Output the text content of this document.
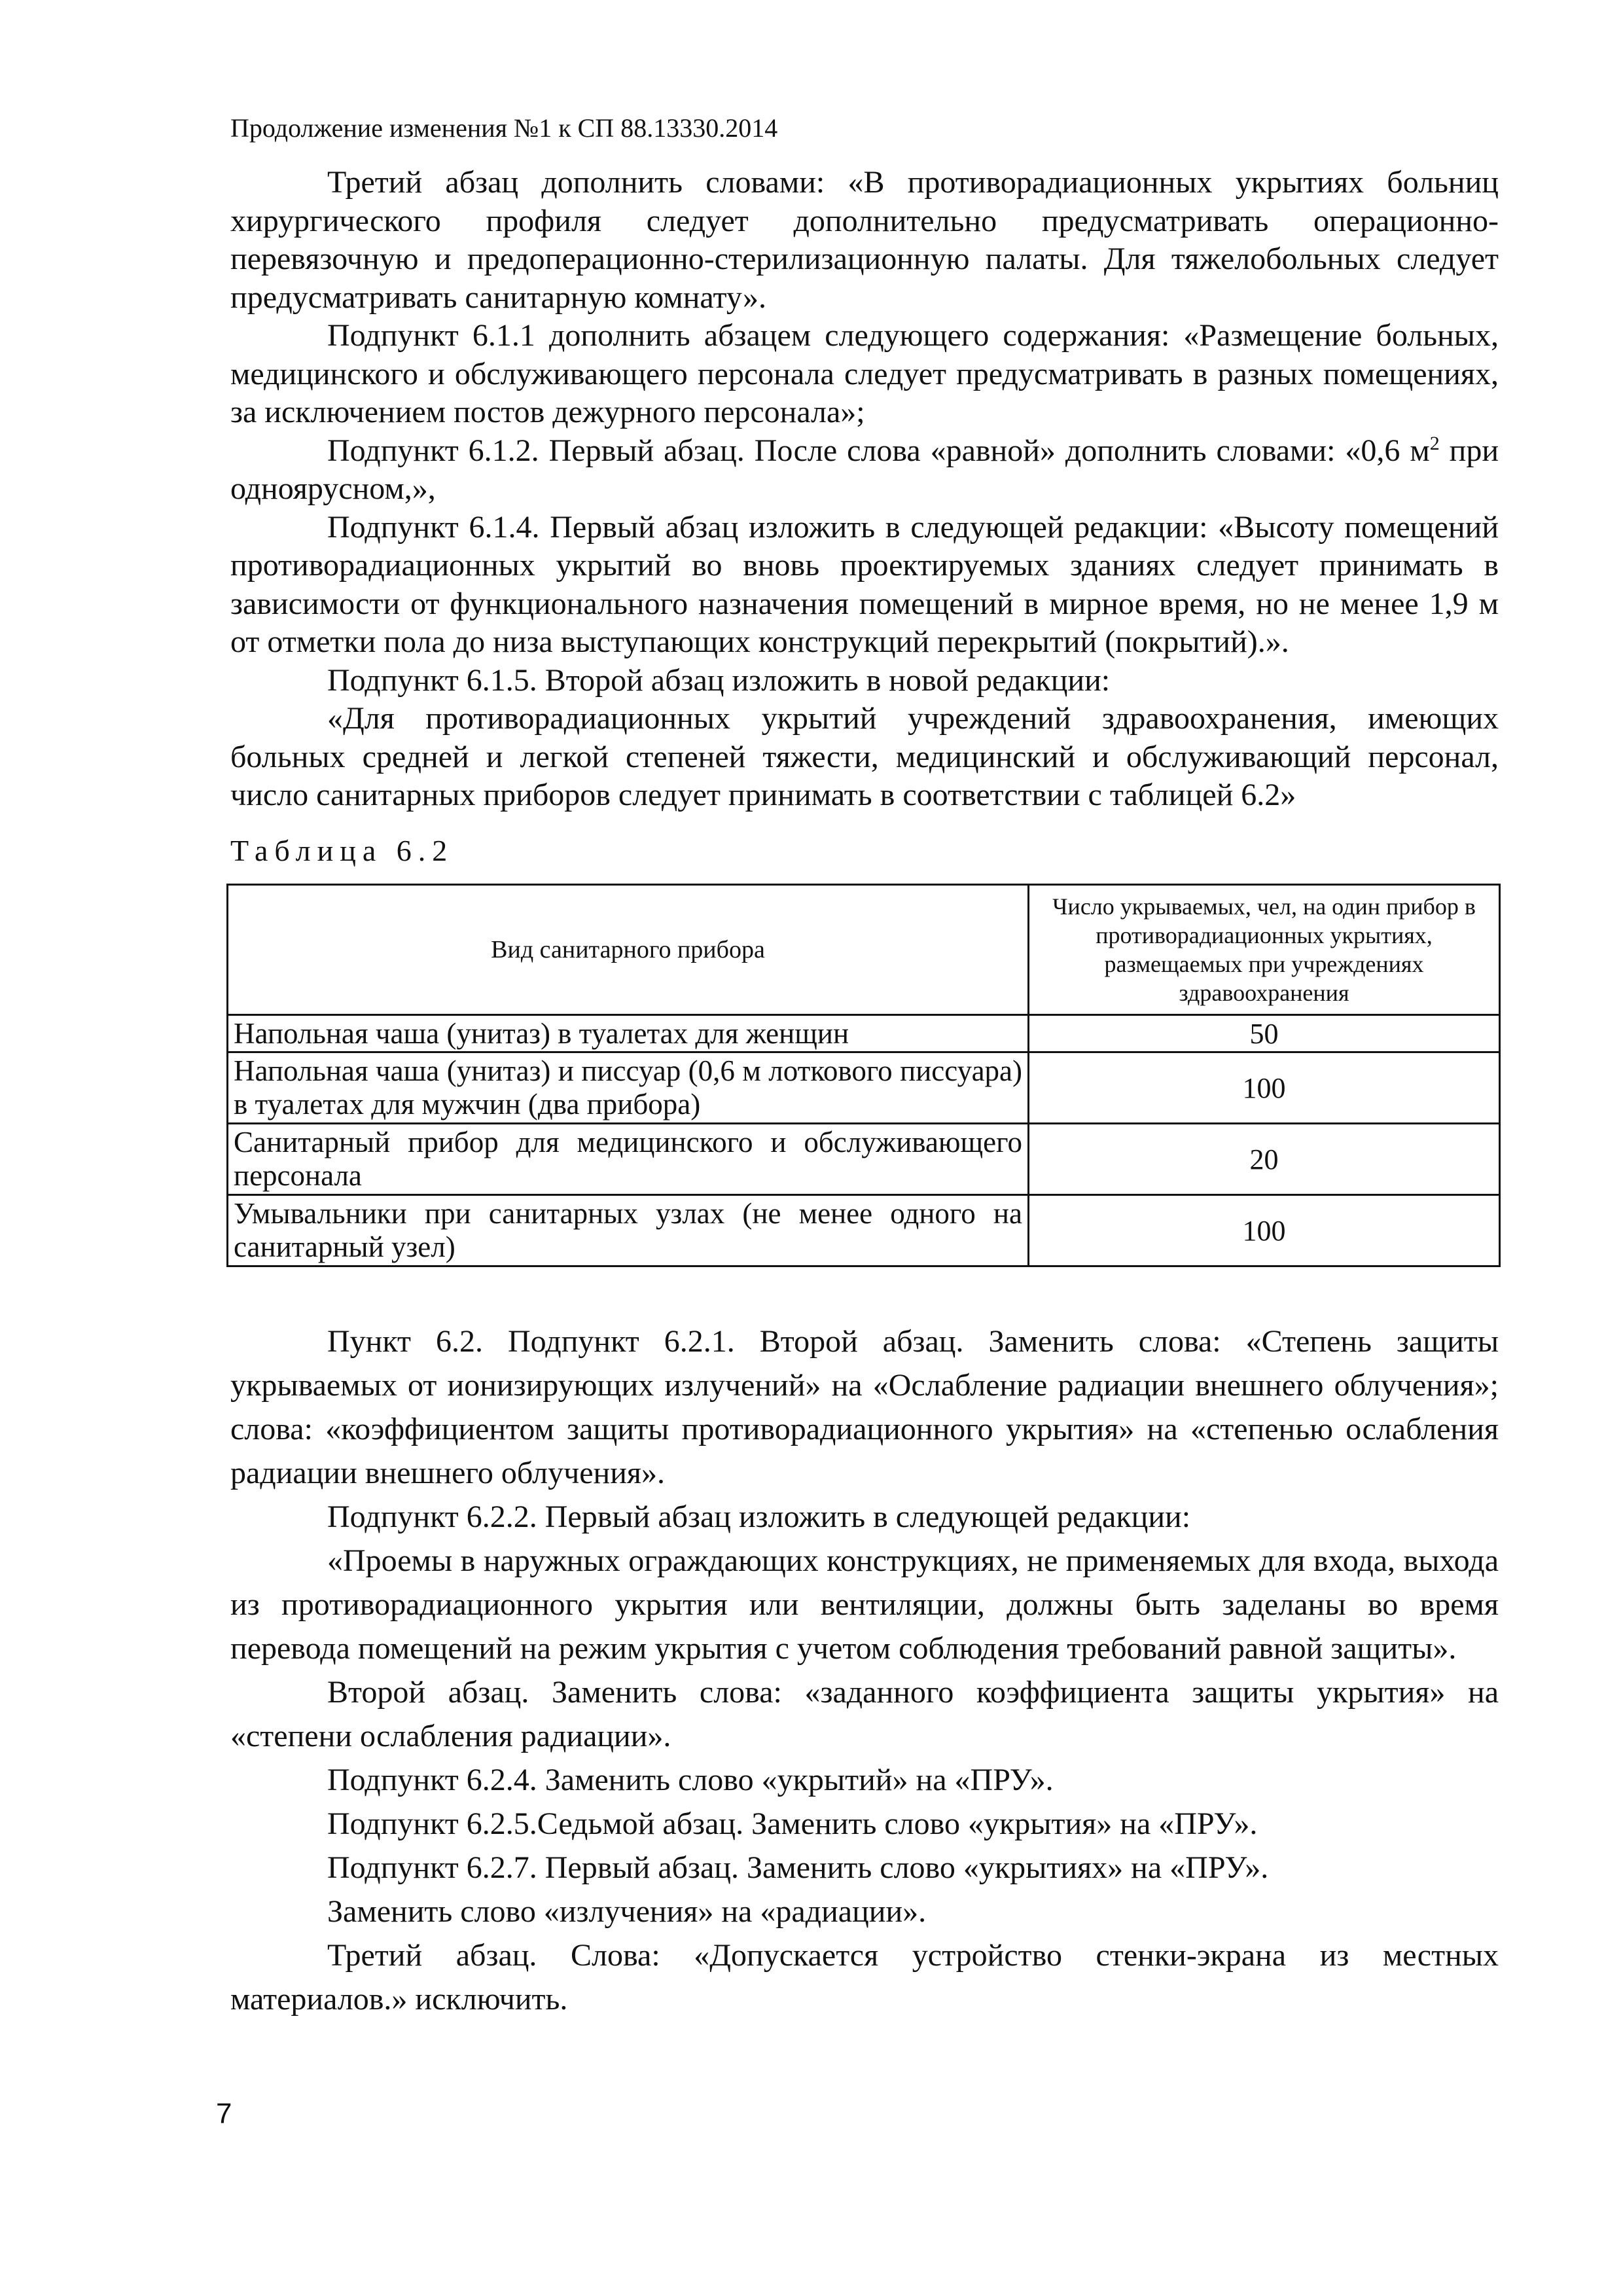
Продолжение изменения №1 к СП 88.13330.2014

Третий абзац дополнить словами: «В противорадиационных укрытиях больниц хирургического профиля следует дополнительно предусматривать операционно-перевязочную и предоперационно-стерилизационную палаты. Для тяжелобольных следует предусматривать санитарную комнату».

Подпункт 6.1.1 дополнить абзацем следующего содержания: «Размещение больных, медицинского и обслуживающего персонала следует предусматривать в разных помещениях, за исключением постов дежурного персонала»;

Подпункт 6.1.2. Первый абзац. После слова «равной» дополнить словами: «0,6 $м^2$ при одноярусном,»,

Подпункт 6.1.4. Первый абзац изложить в следующей редакции: «Высоту помещений противорадиационных укрытий во вновь проектируемых зданиях следует принимать в зависимости от функционального назначения помещений в мирное время, но не менее 1,9 м от отметки пола до низа выступающих конструкций перекрытий (покрытий).».

Подпункт 6.1.5. Второй абзац изложить в новой редакции:

«Для противорадиационных укрытий учреждений здравоохранения, имеющих больных средней и легкой степеней тяжести, медицинский и обслуживающий персонал, число санитарных приборов следует принимать в соответствии с таблицей 6.2»

Таблица 6.2
Вид санитарного прибора	Число укрываемых, чел, на один прибор в противорадиационных укрытиях, размещаемых при учреждениях здравоохранения
Напольная чаша (унитаз) в туалетах для женщин	50
Напольная чаша (унитаз) и писсуар (0,6 м лоткового писсуара) в туалетах для мужчин (два прибора)	100
Санитарный прибор для медицинского и обслуживающего персонала	20
Умывальники при санитарных узлах (не менее одного на санитарный узел)	100

Пункт 6.2. Подпункт 6.2.1. Второй абзац. Заменить слова: «Степень защиты укрываемых от ионизирующих излучений» на «Ослабление радиации внешнего облучения»; слова: «коэффициентом защиты противорадиационного укрытия» на «степенью ослабления радиации внешнего облучения».

Подпункт 6.2.2. Первый абзац изложить в следующей редакции:

«Проемы в наружных ограждающих конструкциях, не применяемых для входа, выхода из противорадиационного укрытия или вентиляции, должны быть заделаны во время перевода помещений на режим укрытия с учетом соблюдения требований равной защиты».

Второй абзац. Заменить слова: «заданного коэффициента защиты укрытия» на «степени ослабления радиации».

Подпункт 6.2.4. Заменить слово «укрытий» на «ПРУ».

Подпункт 6.2.5.Седьмой абзац. Заменить слово «укрытия» на «ПРУ».

Подпункт 6.2.7. Первый абзац. Заменить слово «укрытиях» на «ПРУ».

Заменить слово «излучения» на «радиации».

Третий абзац. Слова: «Допускается устройство стенки-экрана из местных материалов.» исключить.

7
